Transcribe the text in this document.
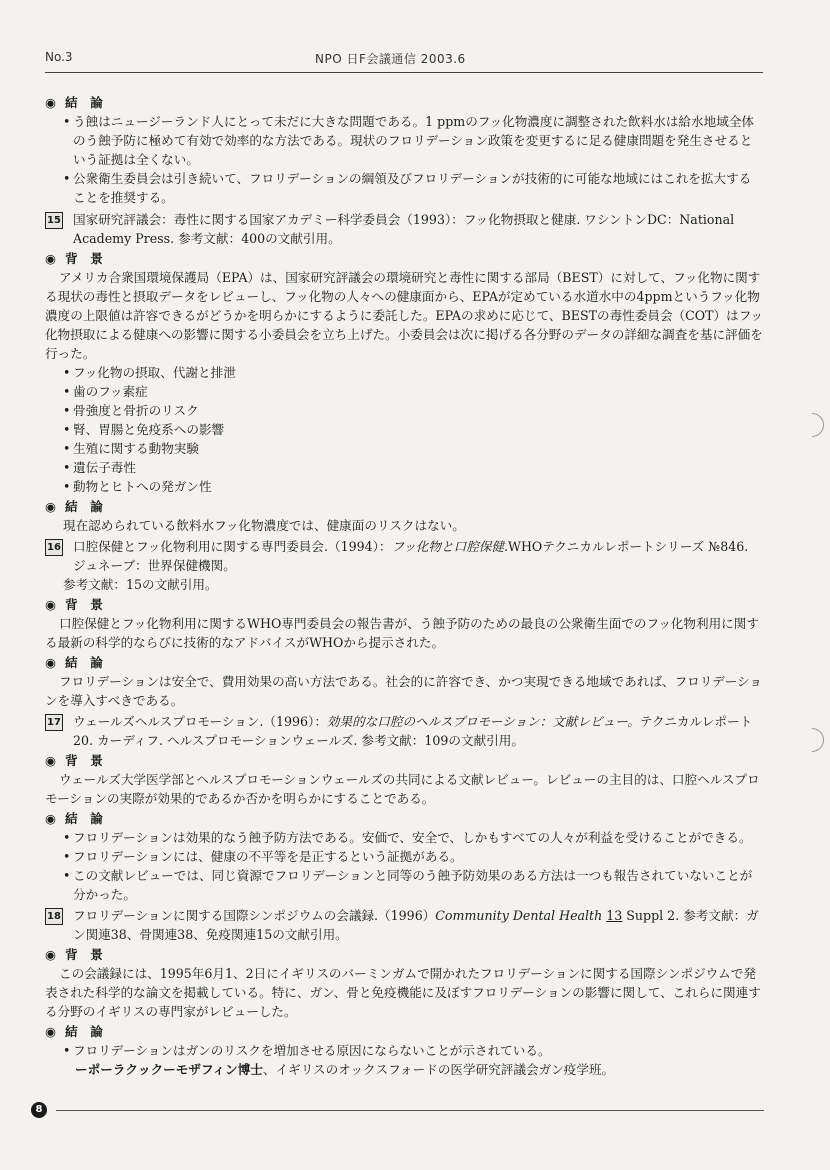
No.3	NPO 日F会議通信 2003.6
◉ 結　論
• う蝕はニュージーランド人にとって未だに大きな問題である。1 ppmのフッ化物濃度に調整された飲料水は給水地域全体のう蝕予防に極めて有効で効率的な方法である。現状のフロリデーション政策を変更するに足る健康問題を発生させるという証拠は全くない。
• 公衆衛生委員会は引き続いて、フロリデーションの綱領及びフロリデーションが技術的に可能な地域にはこれを拡大することを推奨する。

15 国家研究評議会：毒性に関する国家アカデミー科学委員会（1993）：フッ化物摂取と健康. ワシントンDC：National Academy Press. 参考文献：400の文献引用。

◉ 背　景

アメリカ合衆国環境保護局（EPA）は、国家研究評議会の環境研究と毒性に関する部局（BEST）に対して、フッ化物に関する現状の毒性と摂取データをレビューし、フッ化物の人々への健康面から、EPAが定めている水道水中の4ppmというフッ化物濃度の上限値は許容できるがどうかを明らかにするように委託した。EPAの求めに応じて、BESTの毒性委員会（COT）はフッ化物摂取による健康への影響に関する小委員会を立ち上げた。小委員会は次に掲げる各分野のデータの詳細な調査を基に評価を行った。

• フッ化物の摂取、代謝と排泄
• 歯のフッ素症
• 骨強度と骨折のリスク
• 腎、胃腸と免疫系への影響
• 生殖に関する動物実験
• 遺伝子毒性
• 動物とヒトへの発ガン性
◉ 結　論

現在認められている飲料水フッ化物濃度では、健康面のリスクはない。

16 口腔保健とフッ化物利用に関する専門委員会.（1994）：フッ化物と口腔保健.WHOテクニカルレポートシリーズ №846. ジュネーブ：世界保健機関。

参考文献：15の文献引用。

◉ 背　景

口腔保健とフッ化物利用に関するWHO専門委員会の報告書が、う蝕予防のための最良の公衆衛生面でのフッ化物利用に関する最新の科学的ならびに技術的なアドバイスがWHOから提示された。

◉ 結　論

フロリデーションは安全で、費用効果の高い方法である。社会的に許容でき、かつ実現できる地域であれば、フロリデーションを導入すべきである。

17 ウェールズヘルスプロモーション.（1996）：効果的な口腔のヘルスプロモーション：文献レビュー。テクニカルレポート20. カーディフ. ヘルスプロモーションウェールズ. 参考文献：109の文献引用。

◉ 背　景

ウェールズ大学医学部とヘルスプロモーションウェールズの共同による文献レビュー。レビューの主目的は、口腔ヘルスプロモーションの実際が効果的であるか否かを明らかにすることである。

◉ 結　論
• フロリデーションは効果的なう蝕予防方法である。安価で、安全で、しかもすべての人々が利益を受けることができる。
• フロリデーションには、健康の不平等を是正するという証拠がある。
• この文献レビューでは、同じ資源でフロリデーションと同等のう蝕予防効果のある方法は一つも報告されていないことが分かった。

18 フロリデーションに関する国際シンポジウムの会議録.（1996）Community Dental Health 13 Suppl 2. 参考文献：ガン関連38、骨関連38、免疫関連15の文献引用。

◉ 背　景

この会議録には、1995年6月1、2日にイギリスのバーミンガムで開かれたフロリデーションに関する国際シンポジウムで発表された科学的な論文を掲載している。特に、ガン、骨と免疫機能に及ぼすフロリデーションの影響に関して、これらに関連する分野のイギリスの専門家がレビューした。

◉ 結　論
• フロリデーションはガンのリスクを増加させる原因にならないことが示されている。

ーポーラクックーモザフィン博士、イギリスのオックスフォードの医学研究評議会ガン疫学班。

8
